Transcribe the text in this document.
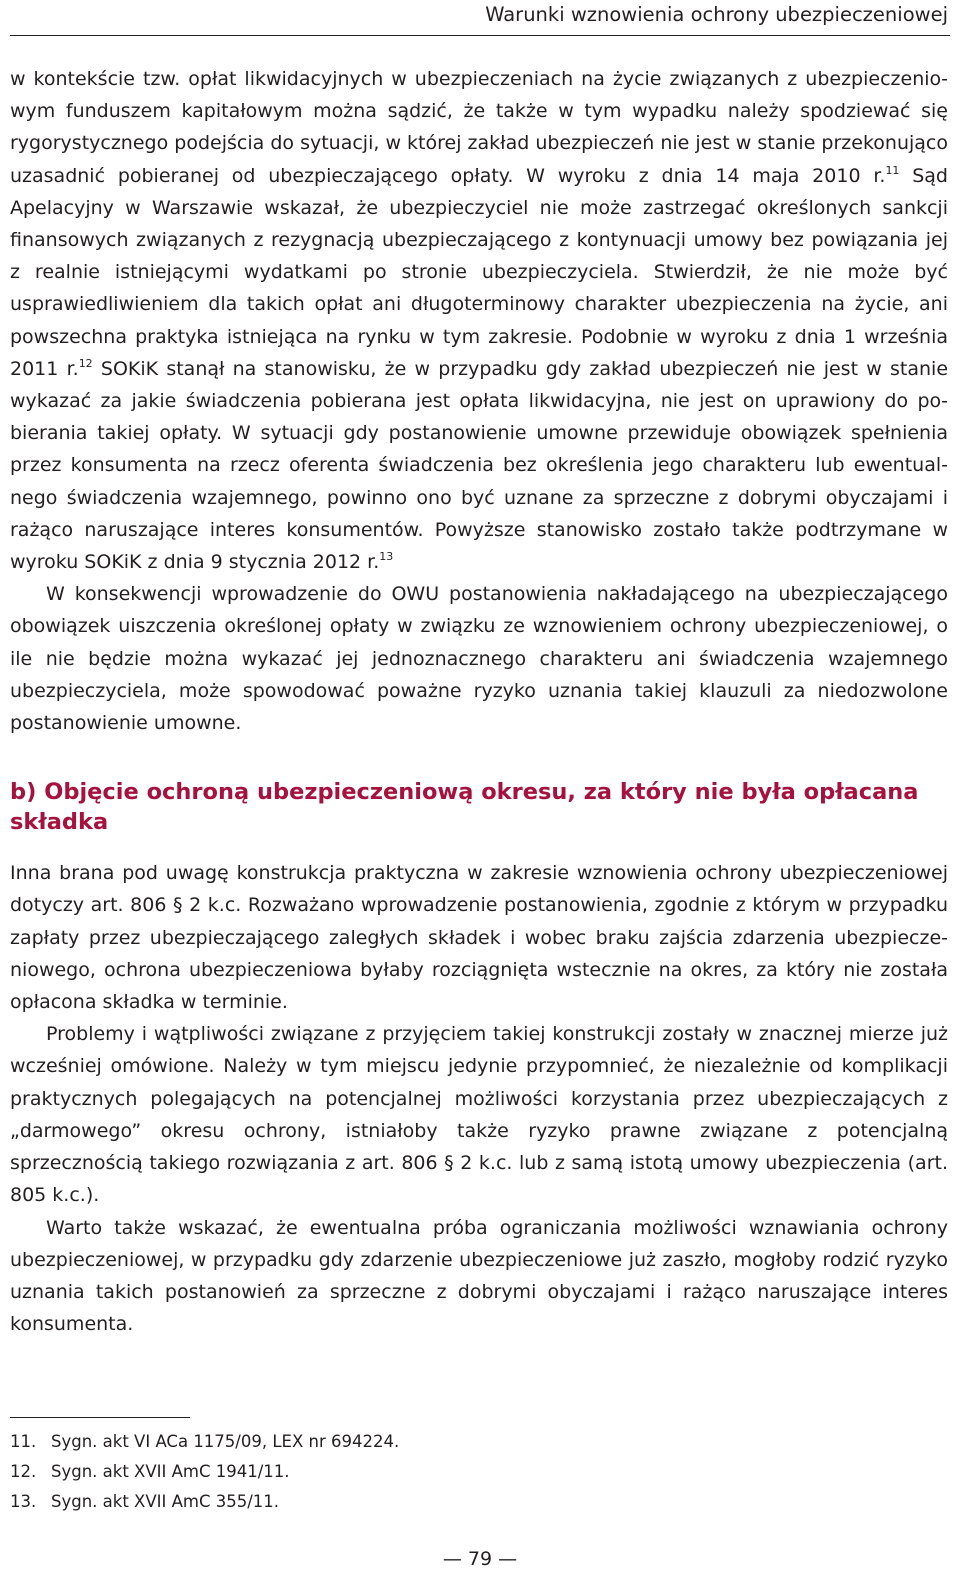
Warunki wznowienia ochrony ubezpieczeniowej

w kontekście tzw. opłat likwidacyjnych w ubezpieczeniach na życie związanych z ubezpieczeniowym funduszem kapitałowym można sądzić, że także w tym wypadku należy spodziewać się rygorystycznego podejścia do sytuacji, w której zakład ubezpieczeń nie jest w stanie przekonująco uzasadnić pobieranej od ubezpieczającego opłaty. W wyroku z dnia 14 maja 2010 r.$^{11}$ Sąd Apelacyjny w Warszawie wskazał, że ubezpieczyciel nie może zastrzegać określonych sankcji finansowych związanych z rezygnacją ubezpieczającego z kontynuacji umowy bez powiązania jej z realnie istniejącymi wydatkami po stronie ubezpieczyciela. Stwierdził, że nie może być usprawiedliwieniem dla takich opłat ani długoterminowy charakter ubezpieczenia na życie, ani powszechna praktyka istniejąca na rynku w tym zakresie. Podobnie w wyroku z dnia 1 września 2011 r.$^{12}$ SOKiK stanął na stanowisku, że w przypadku gdy zakład ubezpieczeń nie jest w stanie wykazać za jakie świadczenia pobierana jest opłata likwidacyjna, nie jest on uprawiony do pobierania takiej opłaty. W sytuacji gdy postanowienie umowne przewiduje obowiązek spełnienia przez konsumenta na rzecz oferenta świadczenia bez określenia jego charakteru lub ewentualnego świadczenia wzajemnego, powinno ono być uznane za sprzeczne z dobrymi obyczajami i rażąco naruszające interes konsumentów. Powyższe stanowisko zostało także podtrzymane w wyroku SOKiK z dnia 9 stycznia 2012 r.$^{13}$

W konsekwencji wprowadzenie do OWU postanowienia nakładającego na ubezpieczającego obowiązek uiszczenia określonej opłaty w związku ze wznowieniem ochrony ubezpieczeniowej, o ile nie będzie można wykazać jej jednoznacznego charakteru ani świadczenia wzajemnego ubezpieczyciela, może spowodować poważne ryzyko uznania takiej klauzuli za niedozwolone postanowienie umowne.

b) Objęcie ochroną ubezpieczeniową okresu, za który nie była opłacana składka

Inna brana pod uwagę konstrukcja praktyczna w zakresie wznowienia ochrony ubezpieczeniowej dotyczy art. 806 § 2 k.c. Rozważano wprowadzenie postanowienia, zgodnie z którym w przypadku zapłaty przez ubezpieczającego zaległych składek i wobec braku zajścia zdarzenia ubezpieczeniowego, ochrona ubezpieczeniowa byłaby rozciągnięta wstecznie na okres, za który nie została opłacona składka w terminie.

Problemy i wątpliwości związane z przyjęciem takiej konstrukcji zostały w znacznej mierze już wcześniej omówione. Należy w tym miejscu jedynie przypomnieć, że niezależnie od komplikacji praktycznych polegających na potencjalnej możliwości korzystania przez ubezpieczających z „darmowego” okresu ochrony, istniałoby także ryzyko prawne związane z potencjalną sprzecznością takiego rozwiązania z art. 806 § 2 k.c. lub z samą istotą umowy ubezpieczenia (art. 805 k.c.).

Warto także wskazać, że ewentualna próba ograniczania możliwości wznawiania ochrony ubezpieczeniowej, w przypadku gdy zdarzenie ubezpieczeniowe już zaszło, mogłoby rodzić ryzyko uznania takich postanowień za sprzeczne z dobrymi obyczajami i rażąco naruszające interes konsumenta.

11. Sygn. akt VI ACa 1175/09, LEX nr 694224.
12. Sygn. akt XVII AmC 1941/11.
13. Sygn. akt XVII AmC 355/11.
— 79 —
